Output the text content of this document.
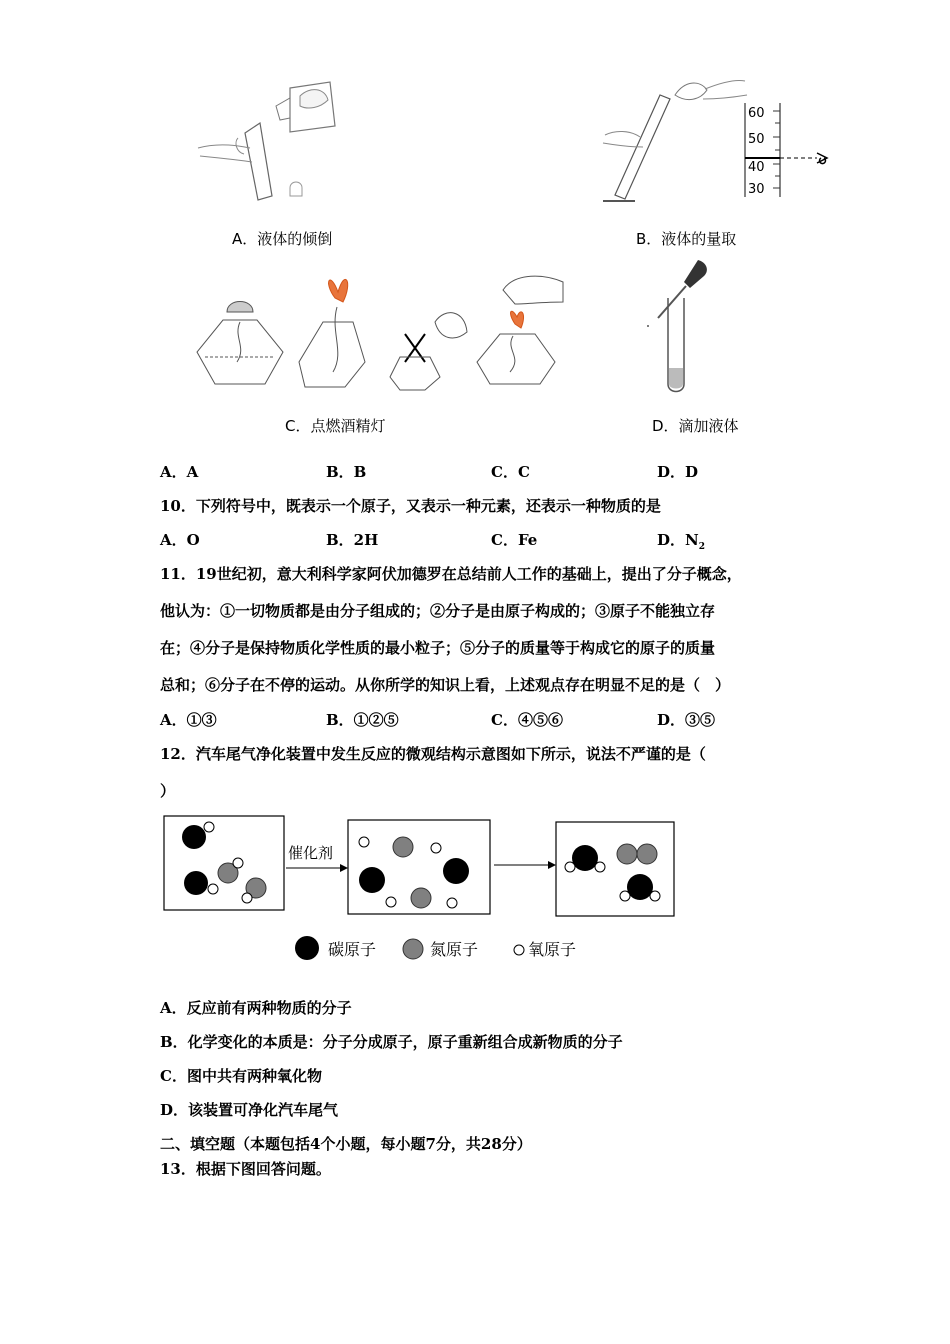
A．液体的倾倒
60
50
40
30
B．液体的量取
C．点燃酒精灯	D．滴加液体
A．A	B．B	C．C	D．D
10．下列符号中，既表示一个原子，又表示一种元素，还表示一种物质的是
A．O	B．2H	C．Fe	D．$N_2$
11．19世纪初，意大利科学家阿伏加德罗在总结前人工作的基础上，提出了分子概念，
他认为：①一切物质都是由分子组成的；②分子是由原子构成的；③原子不能独立存
在；④分子是保持物质化学性质的最小粒子；⑤分子的质量等于构成它的原子的质量
总和；⑥分子在不停的运动。从你所学的知识上看，上述观点存在明显不足的是（　）
A．①③	B．①②⑤	C．④⑤⑥	D．③⑤
12．汽车尾气净化装置中发生反应的微观结构示意图如下所示，说法不严谨的是（
）
催化剂
碳原子	氮原子	氧原子
A．反应前有两种物质的分子
B．化学变化的本质是：分子分成原子，原子重新组合成新物质的分子
C．图中共有两种氧化物
D．该装置可净化汽车尾气
二、填空题（本题包括4个小题，每小题7分，共28分）
13．根据下图回答问题。
